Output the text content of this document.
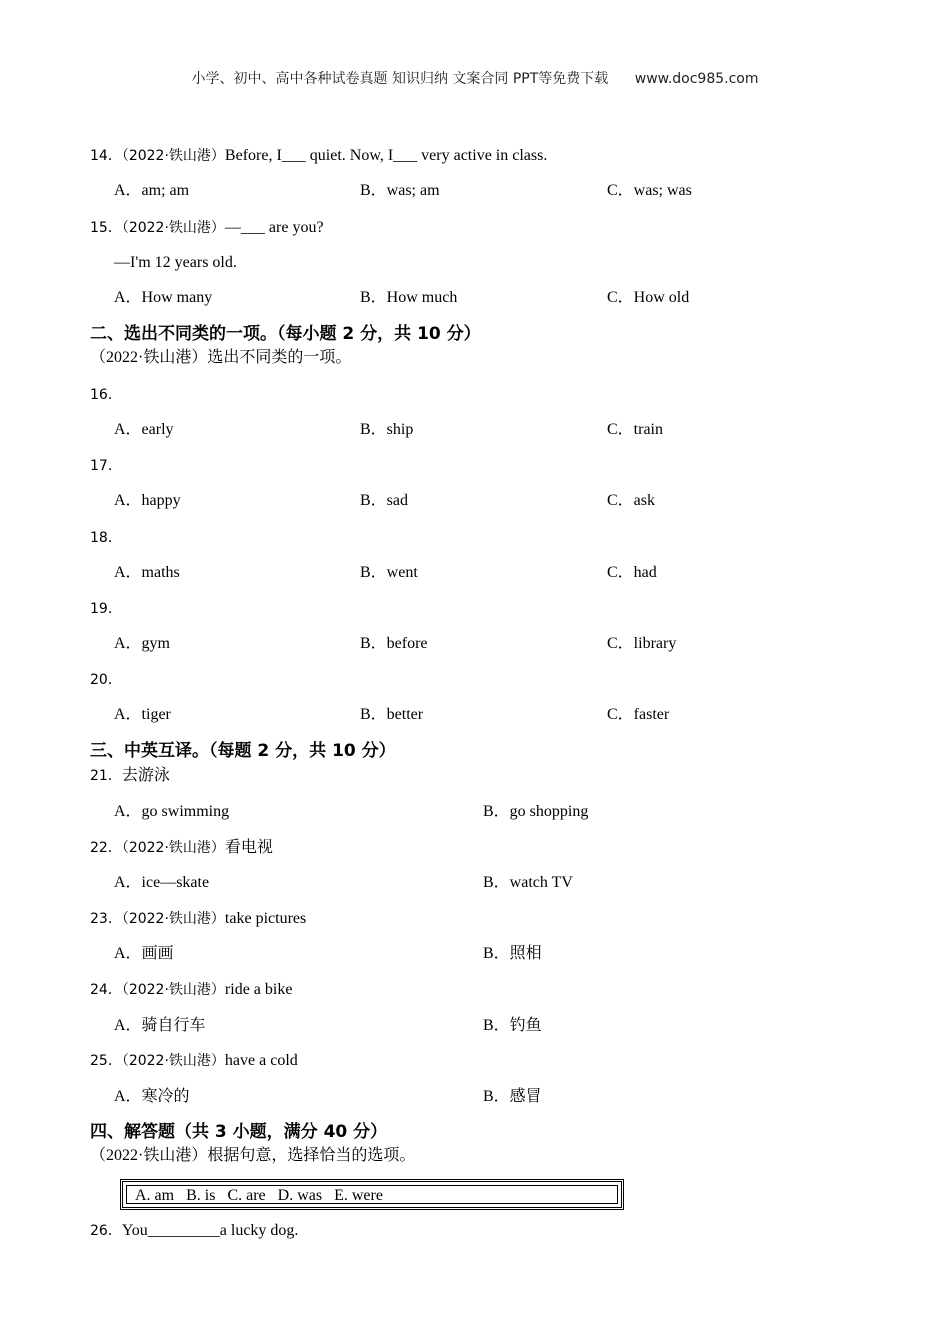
小学、初中、高中各种试卷真题 知识归纳 文案合同 PPT等免费下载 www.doc985.com
14．（2022·铁山港）Before, I___ quiet. Now, I___ very active in class.
A．am; am	B．was; am	C．was; was
15．（2022·铁山港）—___ are you?
—I'm 12 years old.
A．How many	B．How much	C．How old
二、选出不同类的一项。（每小题 2 分，共 10 分）
（2022·铁山港）选出不同类的一项。
16．
A．early	B．ship	C．train
17．
A．happy	B．sad	C．ask
18．
A．maths	B．went	C．had
19．
A．gym	B．before	C．library
20．
A．tiger	B．better	C．faster
三、中英互译。（每题 2 分，共 10 分）
21．去游泳
A．go swimming	B．go shopping
22．（2022·铁山港）看电视
A．ice—skate	B．watch TV
23．（2022·铁山港）take pictures
A．画画	B．照相
24．（2022·铁山港）ride a bike
A．骑自行车	B．钓鱼
25．（2022·铁山港）have a cold
A．寒冷的	B．感冒
四、解答题（共 3 小题，满分 40 分）
（2022·铁山港）根据句意，选择恰当的选项。
A. am   B. is   C. are   D. was   E. were
26．You_________a lucky dog.
